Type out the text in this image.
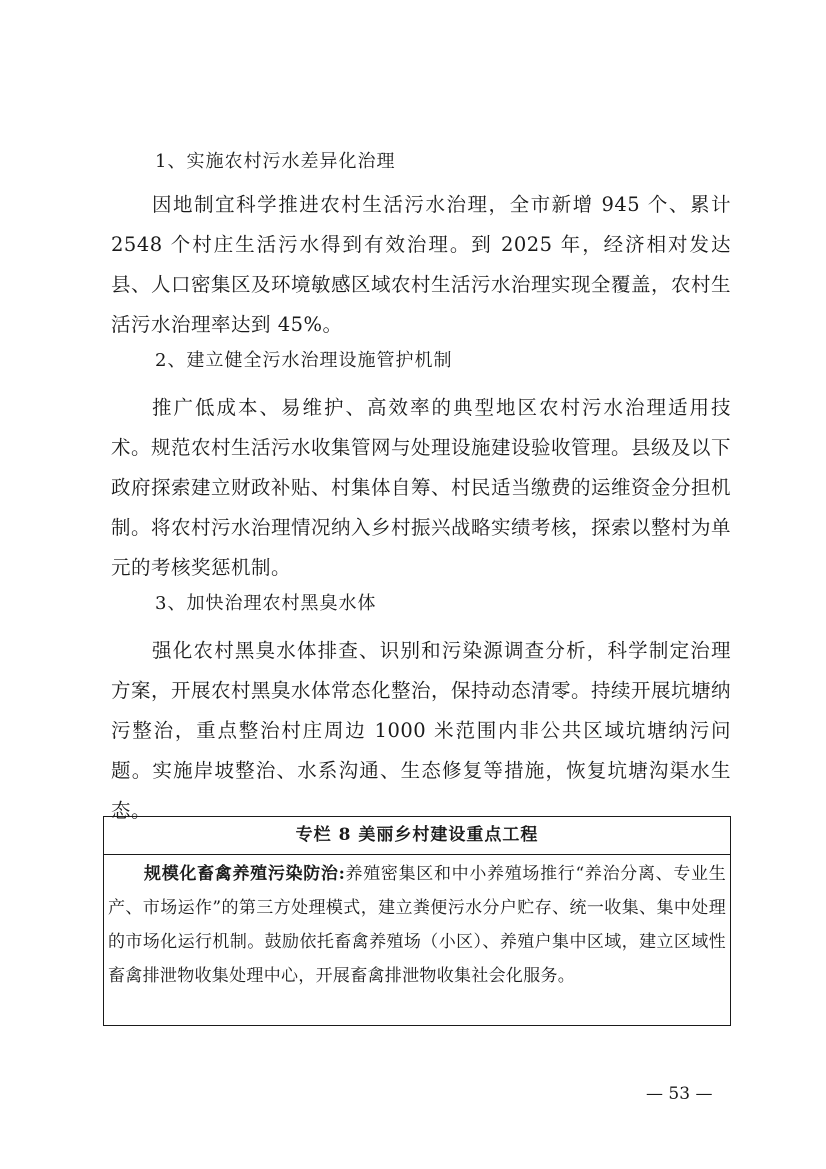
1、实施农村污水差异化治理

因地制宜科学推进农村生活污水治理，全市新增 945 个、累计 2548 个村庄生活污水得到有效治理。到 2025 年，经济相对发达县、人口密集区及环境敏感区域农村生活污水治理实现全覆盖，农村生活污水治理率达到 45%。

2、建立健全污水治理设施管护机制

推广低成本、易维护、高效率的典型地区农村污水治理适用技术。规范农村生活污水收集管网与处理设施建设验收管理。县级及以下政府探索建立财政补贴、村集体自筹、村民适当缴费的运维资金分担机制。将农村污水治理情况纳入乡村振兴战略实绩考核，探索以整村为单元的考核奖惩机制。

3、加快治理农村黑臭水体

强化农村黑臭水体排查、识别和污染源调查分析，科学制定治理方案，开展农村黑臭水体常态化整治，保持动态清零。持续开展坑塘纳污整治，重点整治村庄周边 1000 米范围内非公共区域坑塘纳污问题。实施岸坡整治、水系沟通、生态修复等措施，恢复坑塘沟渠水生态。

专栏 8 美丽乡村建设重点工程
规模化畜禽养殖污染防治:养殖密集区和中小养殖场推行“养治分离、专业生产、市场运作”的第三方处理模式，建立粪便污水分户贮存、统一收集、集中处理的市场化运行机制。鼓励依托畜禽养殖场（小区）、养殖户集中区域，建立区域性畜禽排泄物收集处理中心，开展畜禽排泄物收集社会化服务。
— 53 —
